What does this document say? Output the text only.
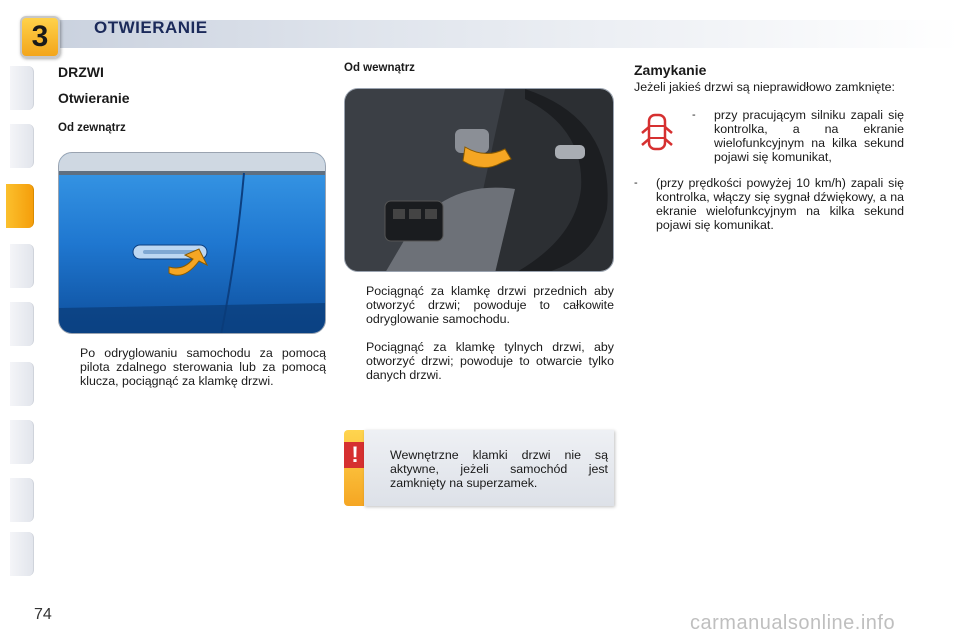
3	OTWIERANIE
DRZWI
Otwieranie
Od zewnątrz
Po odryglowaniu samochodu za pomocą pilota zdalnego sterowania lub za pomocą klucza, pociągnąć za klamkę drzwi.
Od wewnątrz
Pociągnąć za klamkę drzwi przednich aby otworzyć drzwi; powoduje to całkowite odryglowanie samochodu.
Pociągnąć za klamkę tylnych drzwi, aby otworzyć drzwi; powoduje to otwarcie tylko danych drzwi.
!	Wewnętrzne klamki drzwi nie są aktywne, jeżeli samochód jest zamknięty na superzamek.
Zamykanie
Jeżeli jakieś drzwi są nieprawidłowo zamknięte:
- przy pracującym silniku zapali się kontrolka, a na ekranie wielofunkcyjnym na kilka sekund pojawi się komunikat,
- (przy prędkości powyżej 10 km/h) zapali się kontrolka, włączy się sygnał dźwiękowy, a na ekranie wielofunkcyjnym na kilka sekund pojawi się komunikat.
74	carmanualsonline.info
